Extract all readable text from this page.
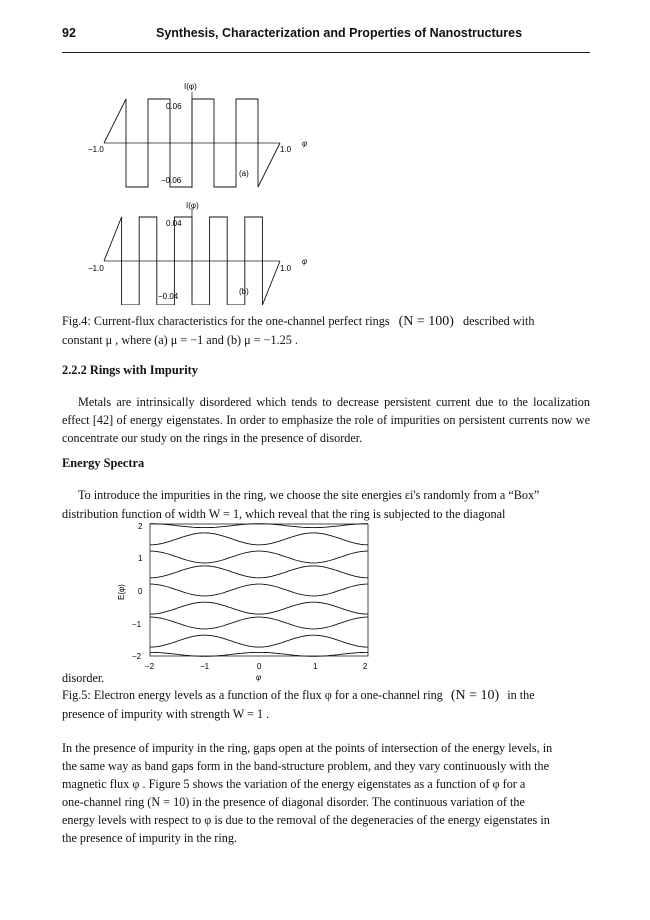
92	Synthesis, Characterization and Properties of Nanostructures
I(φ)
0.06
−0.06
−1.0	1.0
φ
(a)
I(φ)
0.04
−0.04
−1.0	1.0
φ
(b)

Fig.4: Current-flux characteristics for the one-channel perfect rings (N = 100) described with
constant μ , where (a) μ = −1 and (b) μ = −1.25 .

2.2.2 Rings with Impurity

Metals are intrinsically disordered which tends to decrease persistent current due to the localization effect [42] of energy eigenstates. In order to emphasize the role of impurities on persistent currents now we concentrate our study on the rings in the presence of disorder.

Energy Spectra

To introduce the impurities in the ring, we choose the site energies εi's randomly from a “Box”

distribution function of width W = 1, which reveal that the ring is subjected to the diagonal

2
1
0
−1
−2
−2	−1	0	1	2
φ
E(φ)

disorder.

Fig.5: Electron energy levels as a function of the flux φ for a one-channel ring (N = 10) in the
presence of impurity with strength W = 1 .

In the presence of impurity in the ring, gaps open at the points of intersection of the energy levels, in
the same way as band gaps form in the band-structure problem, and they vary continuously with the
magnetic flux φ . Figure 5 shows the variation of the energy eigenstates as a function of φ for a
one-channel ring (N = 10) in the presence of diagonal disorder. The continuous variation of the
energy levels with respect to φ is due to the removal of the degeneracies of the energy eigenstates in
the presence of impurity in the ring.
